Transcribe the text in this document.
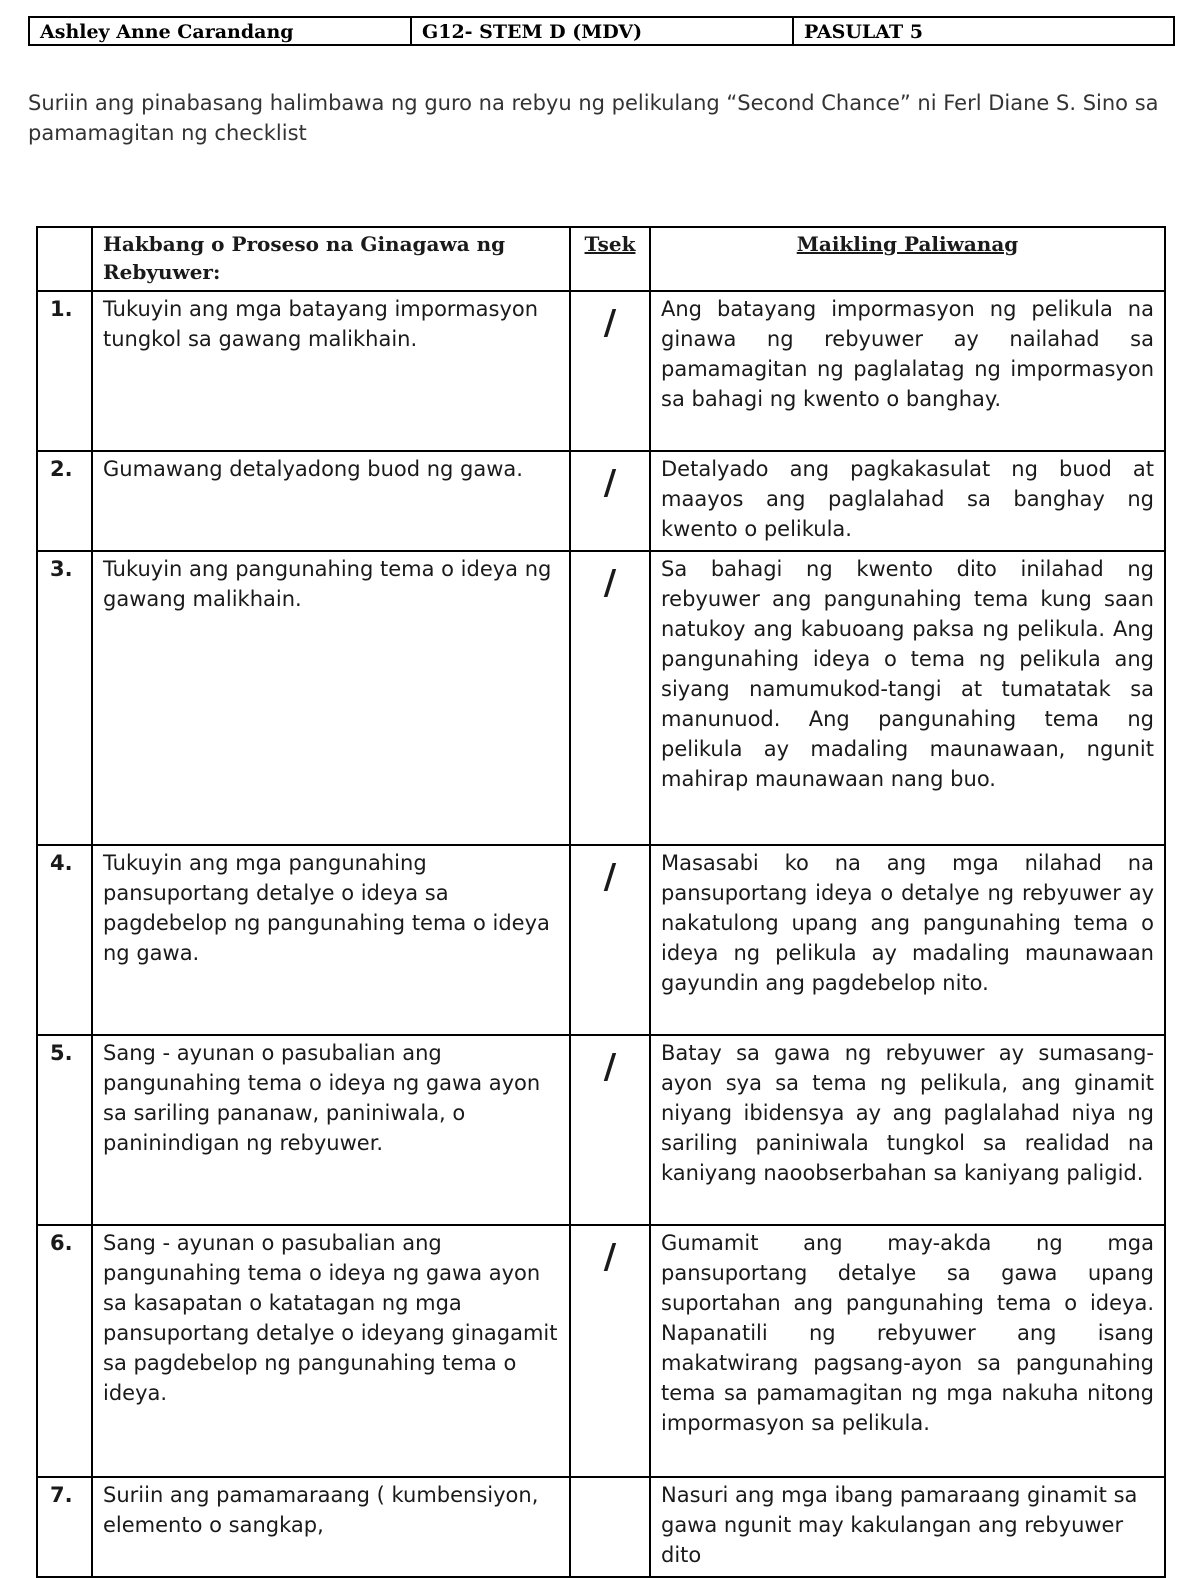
Ashley Anne Carandang	G12- STEM D (MDV)	PASULAT 5
Suriin ang pinabasang halimbawa ng guro na rebyu ng pelikulang “Second Chance” ni Ferl Diane S. Sino sa pamamagitan ng checklist
	Hakbang o Proseso na Ginagawa ng Rebyuwer:	Tsek	Maikling Paliwanag
1.	Tukuyin ang mga batayang impormasyon tungkol sa gawang malikhain.	/	Ang batayang impormasyon ng pelikula na ginawa ng rebyuwer ay nailahad sa pamamagitan ng paglalatag ng impormasyon sa bahagi ng kwento o banghay.
2.	Gumawang detalyadong buod ng gawa.	/	Detalyado ang pagkakasulat ng buod at maayos ang paglalahad sa banghay ng kwento o pelikula.
3.	Tukuyin ang pangunahing tema o ideya ng gawang malikhain.	/	Sa bahagi ng kwento dito inilahad ng rebyuwer ang pangunahing tema kung saan natukoy ang kabuoang paksa ng pelikula. Ang pangunahing ideya o tema ng pelikula ang siyang namumukod-tangi at tumatatak sa manunuod. Ang pangunahing tema ng pelikula ay madaling maunawaan, ngunit mahirap maunawaan nang buo.
4.	Tukuyin ang mga pangunahing pansuportang detalye o ideya sa pagdebelop ng pangunahing tema o ideya ng gawa.	/	Masasabi ko na ang mga nilahad na pansuportang ideya o detalye ng rebyuwer ay nakatulong upang ang pangunahing tema o ideya ng pelikula ay madaling maunawaan gayundin ang pagdebelop nito.
5.	Sang - ayunan o pasubalian ang pangunahing tema o ideya ng gawa ayon sa sariling pananaw, paniniwala, o paninindigan ng rebyuwer.	/	Batay sa gawa ng rebyuwer ay sumasang-ayon sya sa tema ng pelikula, ang ginamit niyang ibidensya ay ang paglalahad niya ng sariling paniniwala tungkol sa realidad na kaniyang naoobserbahan sa kaniyang paligid.
6.	Sang - ayunan o pasubalian ang pangunahing tema o ideya ng gawa ayon sa kasapatan o katatagan ng mga pansuportang detalye o ideyang ginagamit sa pagdebelop ng pangunahing tema o ideya.	/	Gumamit ang may-akda ng mga pansuportang detalye sa gawa upang suportahan ang pangunahing tema o ideya. Napanatili ng rebyuwer ang isang makatwirang pagsang-ayon sa pangunahing tema sa pamamagitan ng mga nakuha nitong impormasyon sa pelikula.
7.	Suriin ang pamamaraang ( kumbensiyon, elemento o sangkap,		Nasuri ang mga ibang pamaraang ginamit sa gawa ngunit may kakulangan ang rebyuwer dito
